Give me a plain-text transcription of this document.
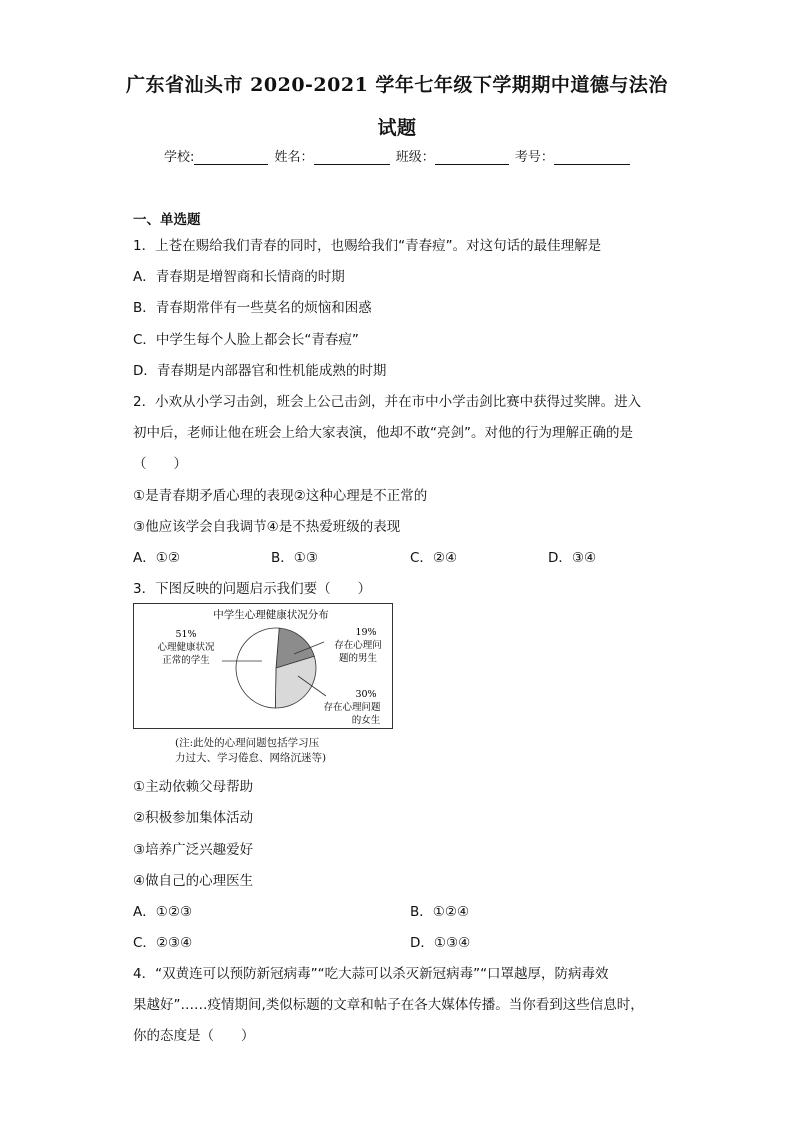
广东省汕头市 2020-2021 学年七年级下学期期中道德与法治
试题
学校:	姓名：	班级：	考号：
一、单选题
1．上苍在赐给我们青春的同时，也赐给我们“青春痘”。对这句话的最佳理解是
A．青春期是增智商和长情商的时期
B．青春期常伴有一些莫名的烦恼和困惑
C．中学生每个人脸上都会长“青春痘”
D．青春期是内部器官和性机能成熟的时期
2．小欢从小学习击剑，班会上公己击剑，并在市中小学击剑比赛中获得过奖牌。进入
初中后，老师让他在班会上给大家表演，他却不敢“亮剑”。对他的行为理解正确的是
（　　）
①是青春期矛盾心理的表现②这种心理是不正常的
③他应该学会自我调节④是不热爱班级的表现
A．①②	B．①③	C．②④	D．③④
3．下图反映的问题启示我们要（　　）
中学生心理健康状况分布
51%
心理健康状况
正常的学生
19%
存在心理问
题的男生
30%
存在心理问题
的女生
(注:此处的心理问题包括学习压
力过大、学习倦怠、网络沉迷等)
①主动依赖父母帮助
②积极参加集体活动
③培养广泛兴趣爱好
④做自己的心理医生
A．①②③	B．①②④
C．②③④	D．①③④
4．“双黄连可以预防新冠病毒”“吃大蒜可以杀灭新冠病毒”“口罩越厚，防病毒效
果越好”……疫情期间,类似标题的文章和帖子在各大媒体传播。当你看到这些信息时，
你的态度是（　　）
